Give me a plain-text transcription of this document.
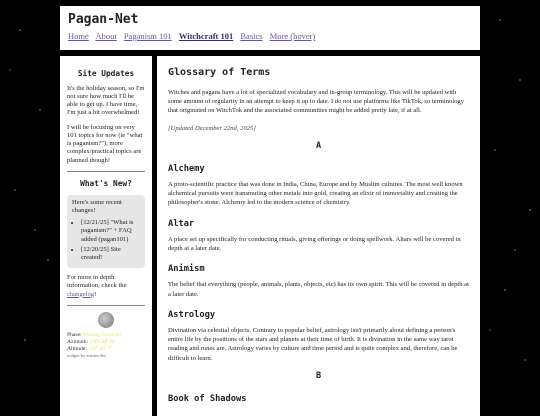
Pagan-Net
Home About Paganism 101 Witchcraft 101 Basics More (hover)
Site Updates

It's the holiday season, so I'm not sure how much I'll be able to get up. I have time, I'm just a bit overwhelmed!

I will be focusing on very 101 topics for now (ie "what is paganism?"), more complex/practical topics are planned though!

What's New?
Here's some recent changes!
• [12/21/25] "What is paganism?" + FAQ added (pagan101)
• [12/20/25] Site created!

For more in depth information, check the changelog!

Phase: Waxing Crescent
Azimuth: 156° 48' N
Altitude: -18° 48' 7"
widget by zinster.dev
Glossary of Terms

Witches and pagans have a lot of specialized vocabulary and in-group terminology. This will be updated with some amount of regularity in an attempt to keep it up to date. I do not use platforms like TikTok, so terminology that originated on WitchTok and the associated communities might be added pretty late, if at all.

[Updated December 22nd, 2025]

A
Alchemy

A proto-scientific practice that was done in India, China, Europe and by Muslim cultures. The most well known alchemical pursuits were transmuting other metals into gold, creating an elixir of immortality and creating the philosopher's stone. Alchemy led to the modern science of chemistry.

Altar

A place set up specifically for conducting rituals, giving offerings or doing spellwork. Altars will be covered in depth at a later date.

Animism

The belief that everything (people, animals, plants, objects, etc) has its own spirit. This will be covered in depth at a later date.

Astrology

Divination via celestial objects. Contrary to popular belief, astrology isn't primarily about defining a person's entire life by the positions of the stars and planets at their time of birth. It is divination in the same way tarot reading and runes are. Astrology varies by culture and time period and is quite complex and, therefore, can be difficult to learn.

B
Book of Shadows
